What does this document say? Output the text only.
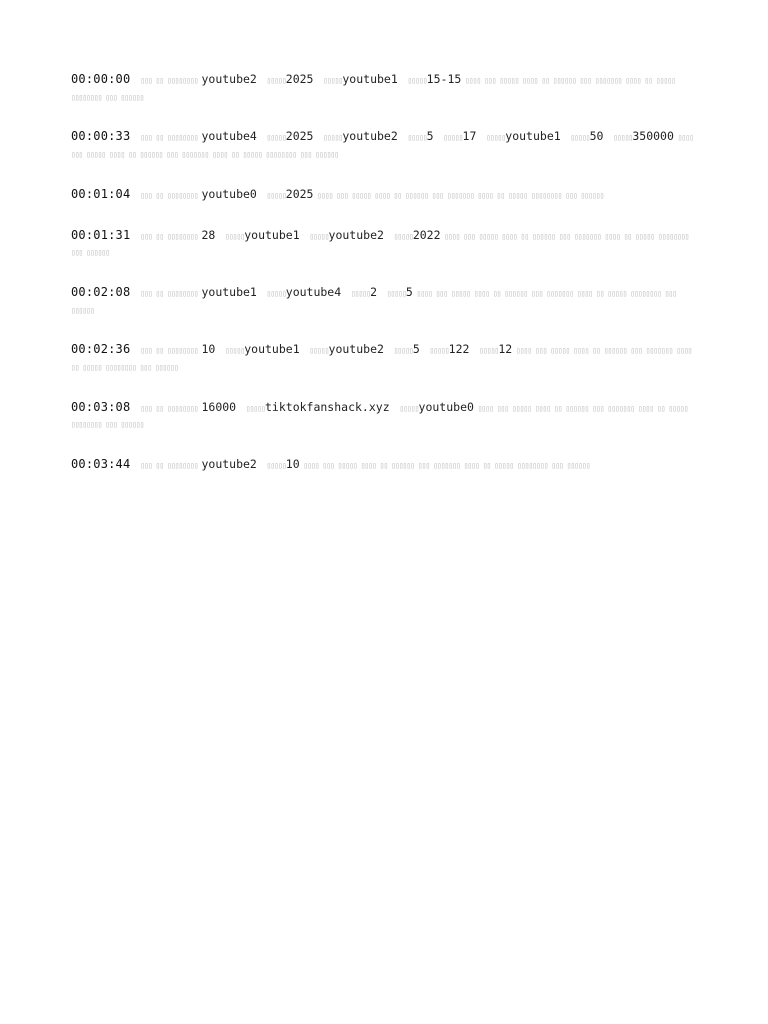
00:00:00 ▯▯▯ ▯▯ ▯▯▯▯▯▯▯▯ youtube2	▯▯▯▯▯ 2025	▯▯▯▯▯ youtube1	▯▯▯▯▯ 15-15 ▯▯▯▯ ▯▯▯ ▯▯▯▯▯ ▯▯▯▯ ▯▯ ▯▯▯▯▯▯ ▯▯▯ ▯▯▯▯▯▯▯ ▯▯▯▯ ▯▯ ▯▯▯▯▯ ▯▯▯▯▯▯▯▯ ▯▯▯ ▯▯▯▯▯▯
00:00:33 ▯▯▯ ▯▯ ▯▯▯▯▯▯▯▯ youtube4	▯▯▯▯▯ 2025	▯▯▯▯▯ youtube2	▯▯▯▯▯ 5	▯▯▯▯▯ 17	▯▯▯▯▯ youtube1	▯▯▯▯▯ 50	▯▯▯▯▯ 350000 ▯▯▯▯ ▯▯▯ ▯▯▯▯▯ ▯▯▯▯ ▯▯ ▯▯▯▯▯▯ ▯▯▯ ▯▯▯▯▯▯▯ ▯▯▯▯ ▯▯ ▯▯▯▯▯ ▯▯▯▯▯▯▯▯ ▯▯▯ ▯▯▯▯▯▯
00:01:04 ▯▯▯ ▯▯ ▯▯▯▯▯▯▯▯ youtube0	▯▯▯▯▯ 2025 ▯▯▯▯ ▯▯▯ ▯▯▯▯▯ ▯▯▯▯ ▯▯ ▯▯▯▯▯▯ ▯▯▯ ▯▯▯▯▯▯▯ ▯▯▯▯ ▯▯ ▯▯▯▯▯ ▯▯▯▯▯▯▯▯ ▯▯▯ ▯▯▯▯▯▯
00:01:31 ▯▯▯ ▯▯ ▯▯▯▯▯▯▯▯ 28	▯▯▯▯▯ youtube1	▯▯▯▯▯ youtube2	▯▯▯▯▯ 2022 ▯▯▯▯ ▯▯▯ ▯▯▯▯▯ ▯▯▯▯ ▯▯ ▯▯▯▯▯▯ ▯▯▯ ▯▯▯▯▯▯▯ ▯▯▯▯ ▯▯ ▯▯▯▯▯ ▯▯▯▯▯▯▯▯ ▯▯▯ ▯▯▯▯▯▯
00:02:08 ▯▯▯ ▯▯ ▯▯▯▯▯▯▯▯ youtube1	▯▯▯▯▯ youtube4	▯▯▯▯▯ 2	▯▯▯▯▯ 5 ▯▯▯▯ ▯▯▯ ▯▯▯▯▯ ▯▯▯▯ ▯▯ ▯▯▯▯▯▯ ▯▯▯ ▯▯▯▯▯▯▯ ▯▯▯▯ ▯▯ ▯▯▯▯▯ ▯▯▯▯▯▯▯▯ ▯▯▯ ▯▯▯▯▯▯
00:02:36 ▯▯▯ ▯▯ ▯▯▯▯▯▯▯▯ 10	▯▯▯▯▯ youtube1	▯▯▯▯▯ youtube2	▯▯▯▯▯ 5	▯▯▯▯▯ 122	▯▯▯▯▯ 12 ▯▯▯▯ ▯▯▯ ▯▯▯▯▯ ▯▯▯▯ ▯▯ ▯▯▯▯▯▯ ▯▯▯ ▯▯▯▯▯▯▯ ▯▯▯▯ ▯▯ ▯▯▯▯▯ ▯▯▯▯▯▯▯▯ ▯▯▯ ▯▯▯▯▯▯
00:03:08 ▯▯▯ ▯▯ ▯▯▯▯▯▯▯▯ 16000	▯▯▯▯▯ tiktokfanshack.xyz	▯▯▯▯▯ youtube0 ▯▯▯▯ ▯▯▯ ▯▯▯▯▯ ▯▯▯▯ ▯▯ ▯▯▯▯▯▯ ▯▯▯ ▯▯▯▯▯▯▯ ▯▯▯▯ ▯▯ ▯▯▯▯▯ ▯▯▯▯▯▯▯▯ ▯▯▯ ▯▯▯▯▯▯
00:03:44 ▯▯▯ ▯▯ ▯▯▯▯▯▯▯▯ youtube2	▯▯▯▯▯ 10 ▯▯▯▯ ▯▯▯ ▯▯▯▯▯ ▯▯▯▯ ▯▯ ▯▯▯▯▯▯ ▯▯▯ ▯▯▯▯▯▯▯ ▯▯▯▯ ▯▯ ▯▯▯▯▯ ▯▯▯▯▯▯▯▯ ▯▯▯ ▯▯▯▯▯▯
